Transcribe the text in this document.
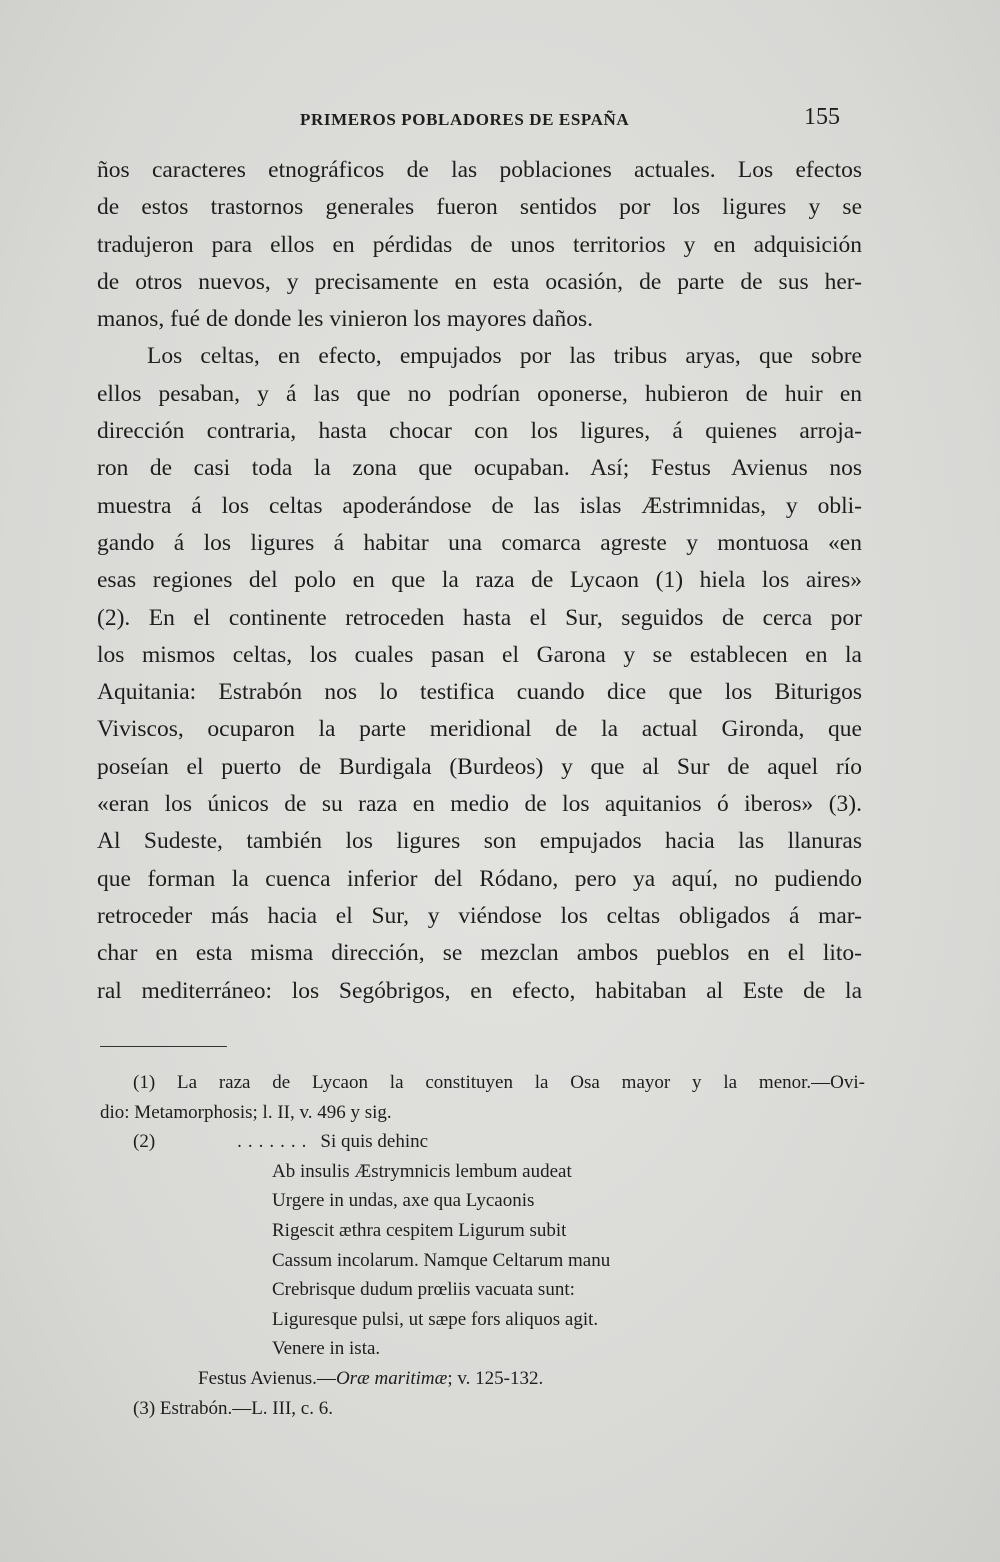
PRIMEROS POBLADORES DE ESPAÑA	155
ños caracteres etnográficos de las poblaciones actuales. Los efectos
de estos trastornos generales fueron sentidos por los ligures y se
tradujeron para ellos en pérdidas de unos territorios y en adquisición
de otros nuevos, y precisamente en esta ocasión, de parte de sus her-
manos, fué de donde les vinieron los mayores daños.
Los celtas, en efecto, empujados por las tribus aryas, que sobre
ellos pesaban, y á las que no podrían oponerse, hubieron de huir en
dirección contraria, hasta chocar con los ligures, á quienes arroja-
ron de casi toda la zona que ocupaban. Así; Festus Avienus nos
muestra á los celtas apoderándose de las islas Æstrimnidas, y obli-
gando á los ligures á habitar una comarca agreste y montuosa «en
esas regiones del polo en que la raza de Lycaon (1) hiela los aires»
(2). En el continente retroceden hasta el Sur, seguidos de cerca por
los mismos celtas, los cuales pasan el Garona y se establecen en la
Aquitania: Estrabón nos lo testifica cuando dice que los Biturigos
Viviscos, ocuparon la parte meridional de la actual Gironda, que
poseían el puerto de Burdigala (Burdeos) y que al Sur de aquel río
«eran los únicos de su raza en medio de los aquitanios ó iberos» (3).
Al Sudeste, también los ligures son empujados hacia las llanuras
que forman la cuenca inferior del Ródano, pero ya aquí, no pudiendo
retroceder más hacia el Sur, y viéndose los celtas obligados á mar-
char en esta misma dirección, se mezclan ambos pueblos en el lito-
ral mediterráneo: los Segóbrigos, en efecto, habitaban al Este de la
(1) La raza de Lycaon la constituyen la Osa mayor y la menor.—Ovi-
dio: Metamorphosis; l. II, v. 496 y sig.
(2)	....... Si quis dehinc
Ab insulis Æstrymnicis lembum audeat
Urgere in undas, axe qua Lycaonis
Rigescit æthra cespitem Ligurum subit
Cassum incolarum. Namque Celtarum manu
Crebrisque dudum prœliis vacuata sunt:
Liguresque pulsi, ut sæpe fors aliquos agit.
Venere in ista.
Festus Avienus.—Oræ maritimæ; v. 125-132.
(3) Estrabón.—L. III, c. 6.
